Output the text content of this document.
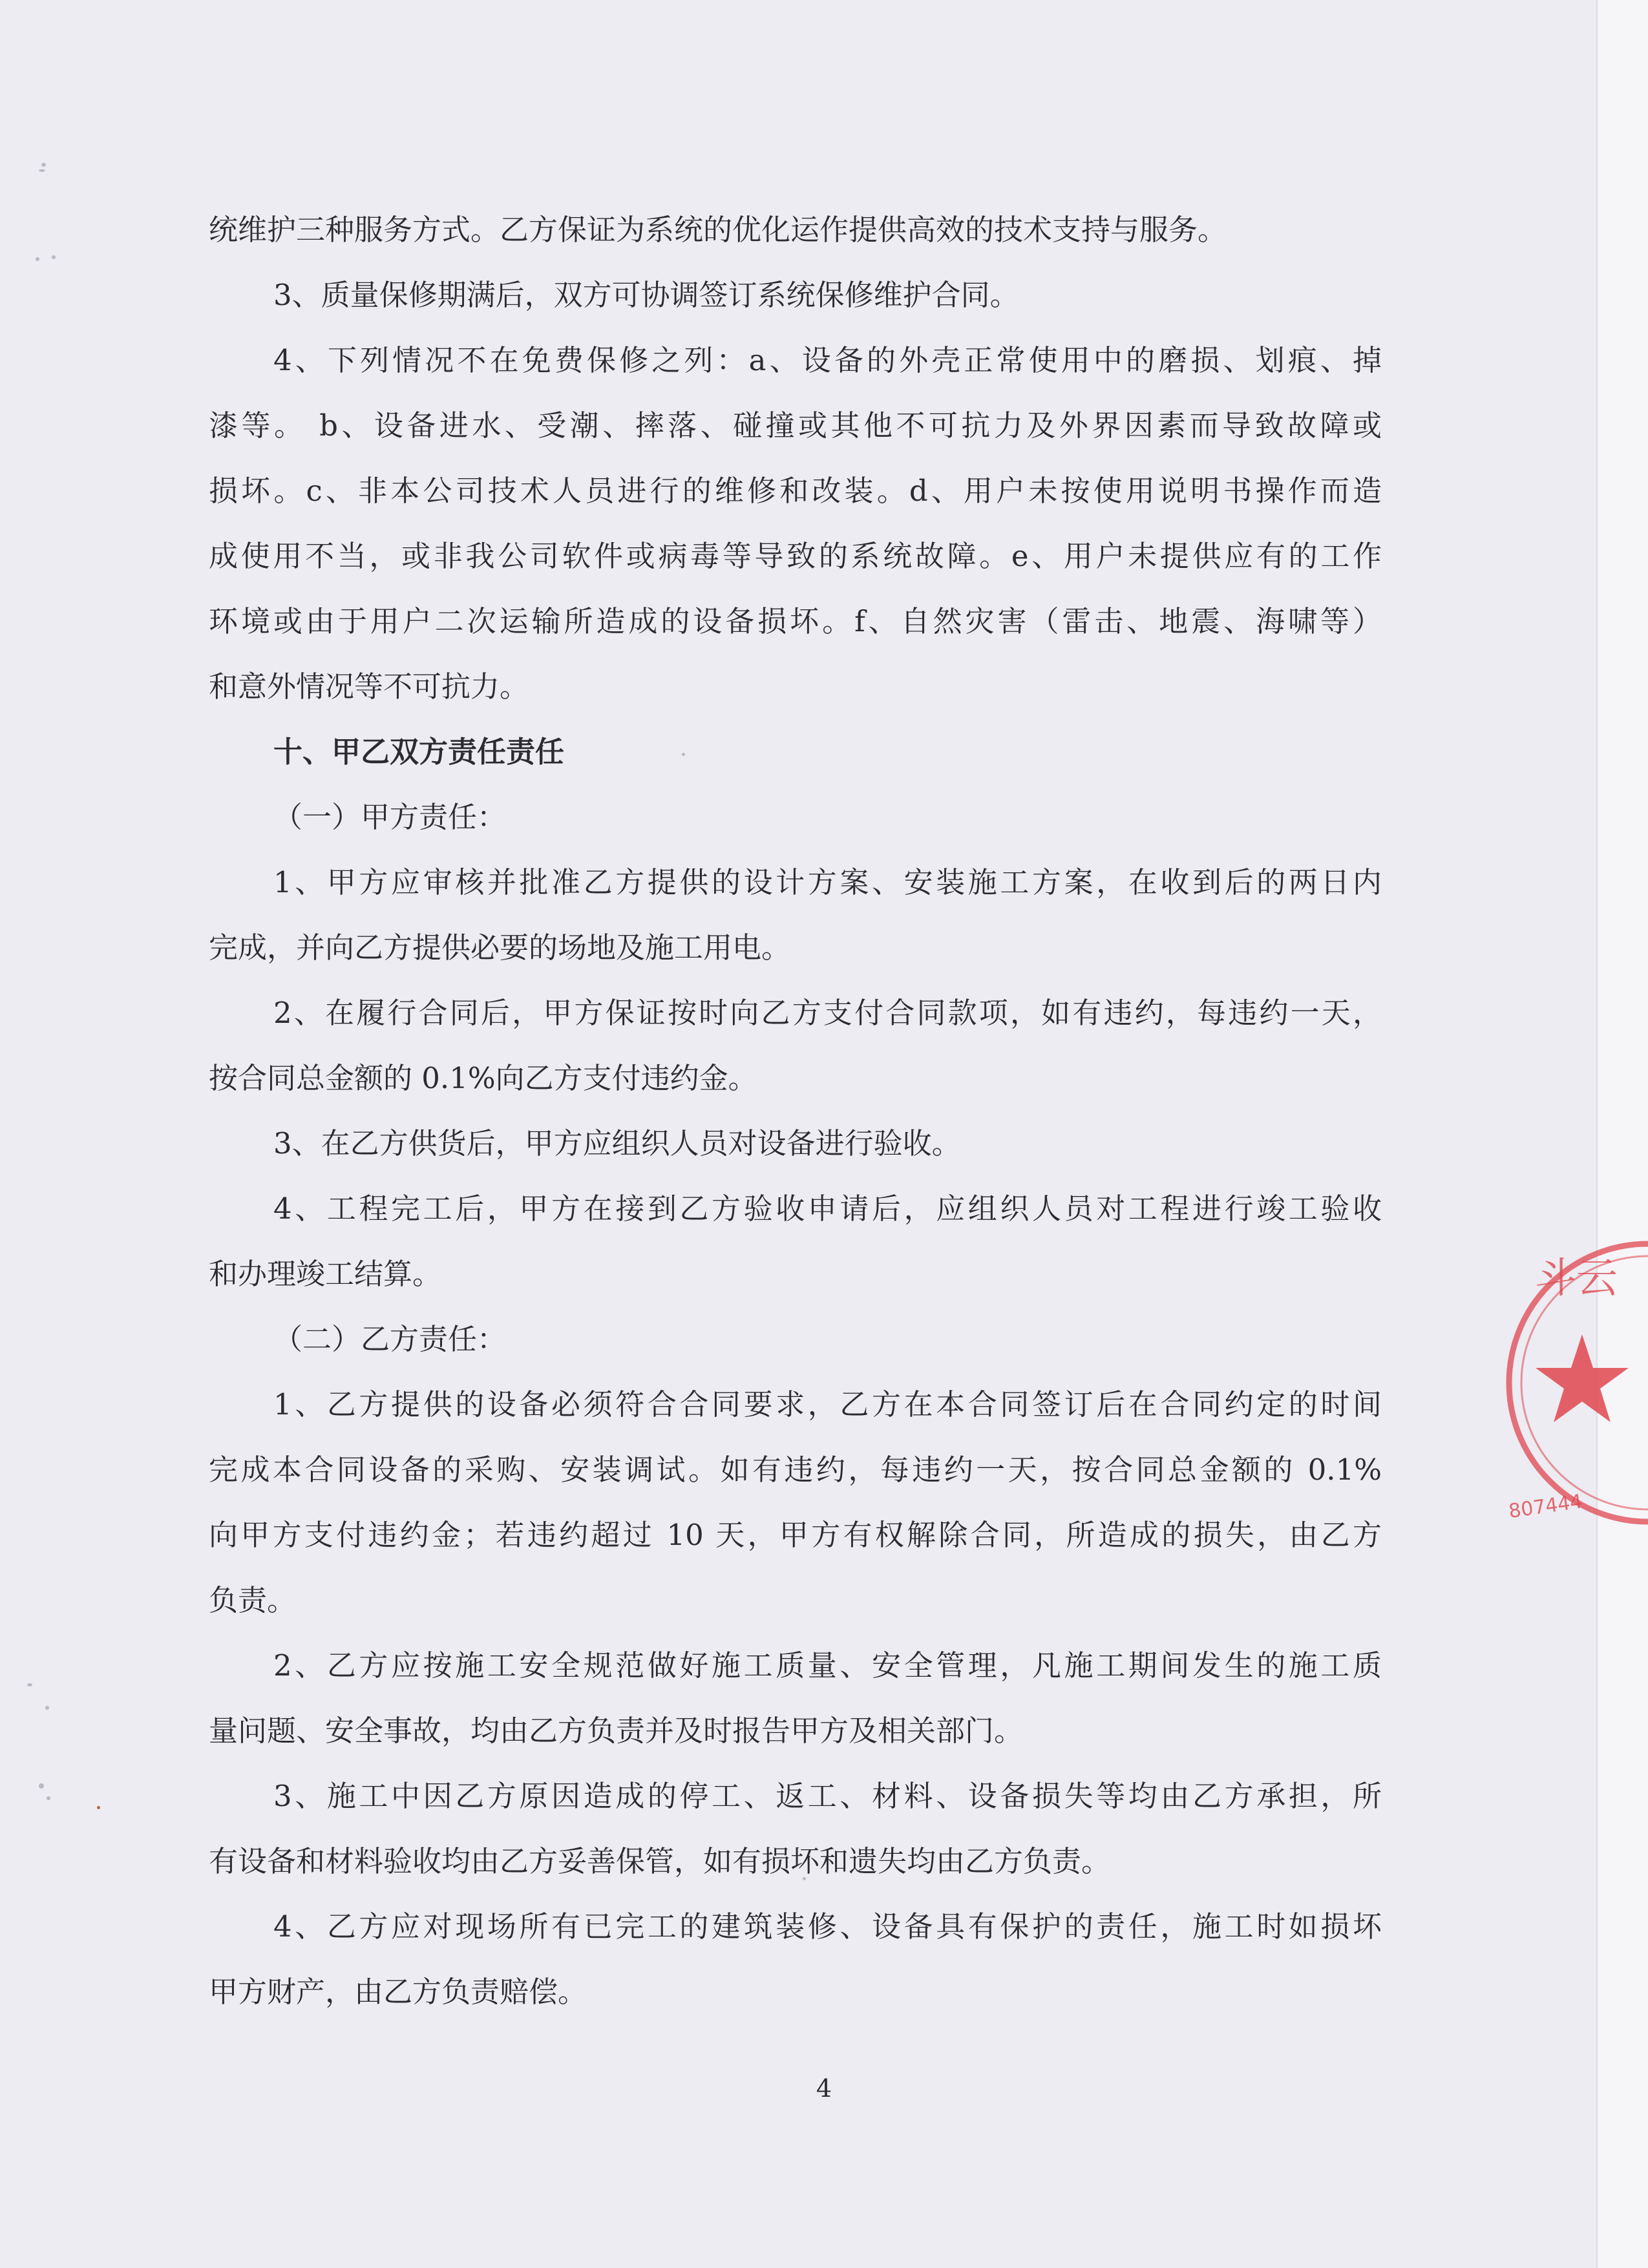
统维护三种服务方式。乙方保证为系统的优化运作提供高效的技术支持与服务。
3、质量保修期满后，双方可协调签订系统保修维护合同。
4、下列情况不在免费保修之列：a、设备的外壳正常使用中的磨损、划痕、掉
漆等。 b、设备进水、受潮、摔落、碰撞或其他不可抗力及外界因素而导致故障或
损坏。c、非本公司技术人员进行的维修和改装。d、用户未按使用说明书操作而造
成使用不当，或非我公司软件或病毒等导致的系统故障。e、用户未提供应有的工作
环境或由于用户二次运输所造成的设备损坏。f、自然灾害（雷击、地震、海啸等）
和意外情况等不可抗力。
十、甲乙双方责任责任
（一）甲方责任：
1、甲方应审核并批准乙方提供的设计方案、安装施工方案，在收到后的两日内
完成，并向乙方提供必要的场地及施工用电。
2、在履行合同后，甲方保证按时向乙方支付合同款项，如有违约，每违约一天，
按合同总金额的 0.1%向乙方支付违约金。
3、在乙方供货后，甲方应组织人员对设备进行验收。
4、工程完工后，甲方在接到乙方验收申请后，应组织人员对工程进行竣工验收
和办理竣工结算。
（二）乙方责任：
1、乙方提供的设备必须符合合同要求，乙方在本合同签订后在合同约定的时间
完成本合同设备的采购、安装调试。如有违约，每违约一天，按合同总金额的 0.1%
向甲方支付违约金；若违约超过 10 天，甲方有权解除合同，所造成的损失，由乙方
负责。
2、乙方应按施工安全规范做好施工质量、安全管理，凡施工期间发生的施工质
量问题、安全事故，均由乙方负责并及时报告甲方及相关部门。
3、施工中因乙方原因造成的停工、返工、材料、设备损失等均由乙方承担，所
有设备和材料验收均由乙方妥善保管，如有损坏和遗失均由乙方负责。
4、乙方应对现场所有已完工的建筑装修、设备具有保护的责任，施工时如损坏
甲方财产，由乙方负责赔偿。
4
斗云
807444
